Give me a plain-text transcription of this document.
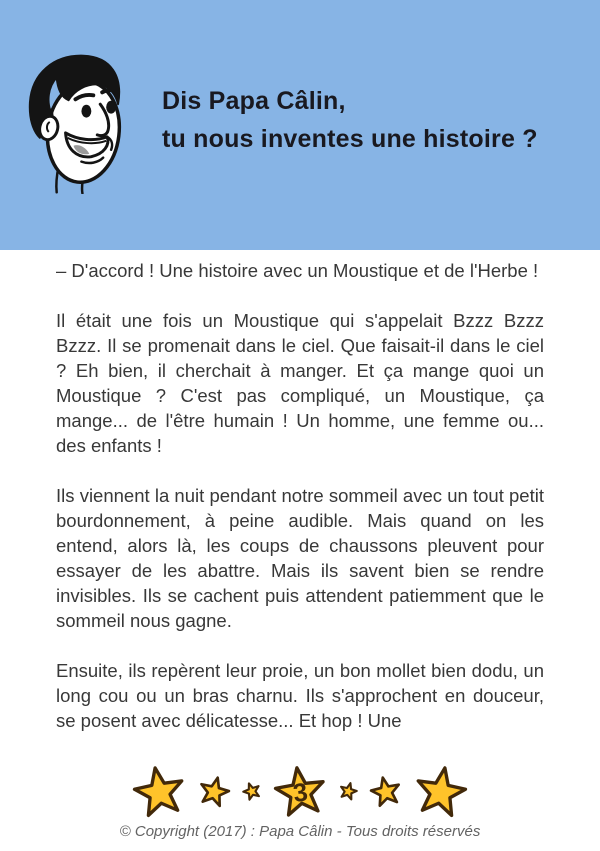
Dis Papa Câlin,
tu nous inventes une histoire ?

– D'accord ! Une histoire avec un Moustique et de l'Herbe !

Il était une fois un Moustique qui s'appelait Bzzz Bzzz Bzzz. Il se promenait dans le ciel. Que faisait-il dans le ciel ? Eh bien, il cherchait à manger. Et ça mange quoi un Moustique ? C'est pas compliqué, un Moustique, ça mange... de l'être humain ! Un homme, une femme ou... des enfants !

Ils viennent la nuit pendant notre sommeil avec un tout petit bourdonnement, à peine audible. Mais quand on les entend, alors là, les coups de chaussons pleuvent pour essayer de les abattre. Mais ils savent bien se rendre invisibles. Ils se cachent puis attendent patiemment que le sommeil nous gagne.

Ensuite, ils repèrent leur proie, un bon mollet bien dodu, un long cou ou un bras charnu. Ils s'approchent en douceur, se posent avec délicatesse... Et hop ! Une

3
© Copyright (2017) : Papa Câlin - Tous droits réservés
